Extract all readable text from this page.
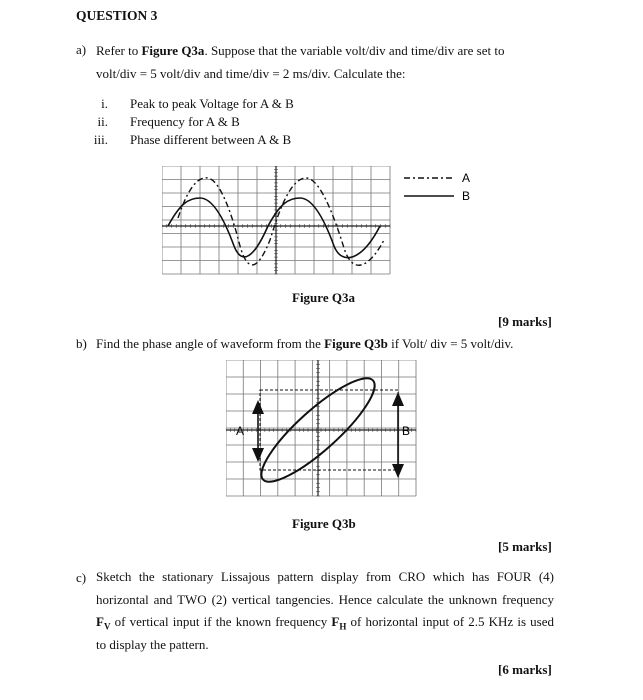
QUESTION 3
a) Refer to Figure Q3a. Suppose that the variable volt/div and time/div are set to
volt/div = 5 volt/div and time/div = 2 ms/div. Calculate the:
i. Peak to peak Voltage for A & B
ii. Frequency for A & B
iii. Phase different between A & B
A
B
Figure Q3a
[9 marks]
b) Find the phase angle of waveform from the Figure Q3b if Volt/ div = 5 volt/div.
A	B
Figure Q3b
[5 marks]
c) Sketch the stationary Lissajous pattern display from CRO which has FOUR (4)
horizontal and TWO (2) vertical tangencies. Hence calculate the unknown frequency
$F_V$ of vertical input if the known frequency $F_H$ of horizontal input of 2.5 KHz is used
to display the pattern.
[6 marks]
